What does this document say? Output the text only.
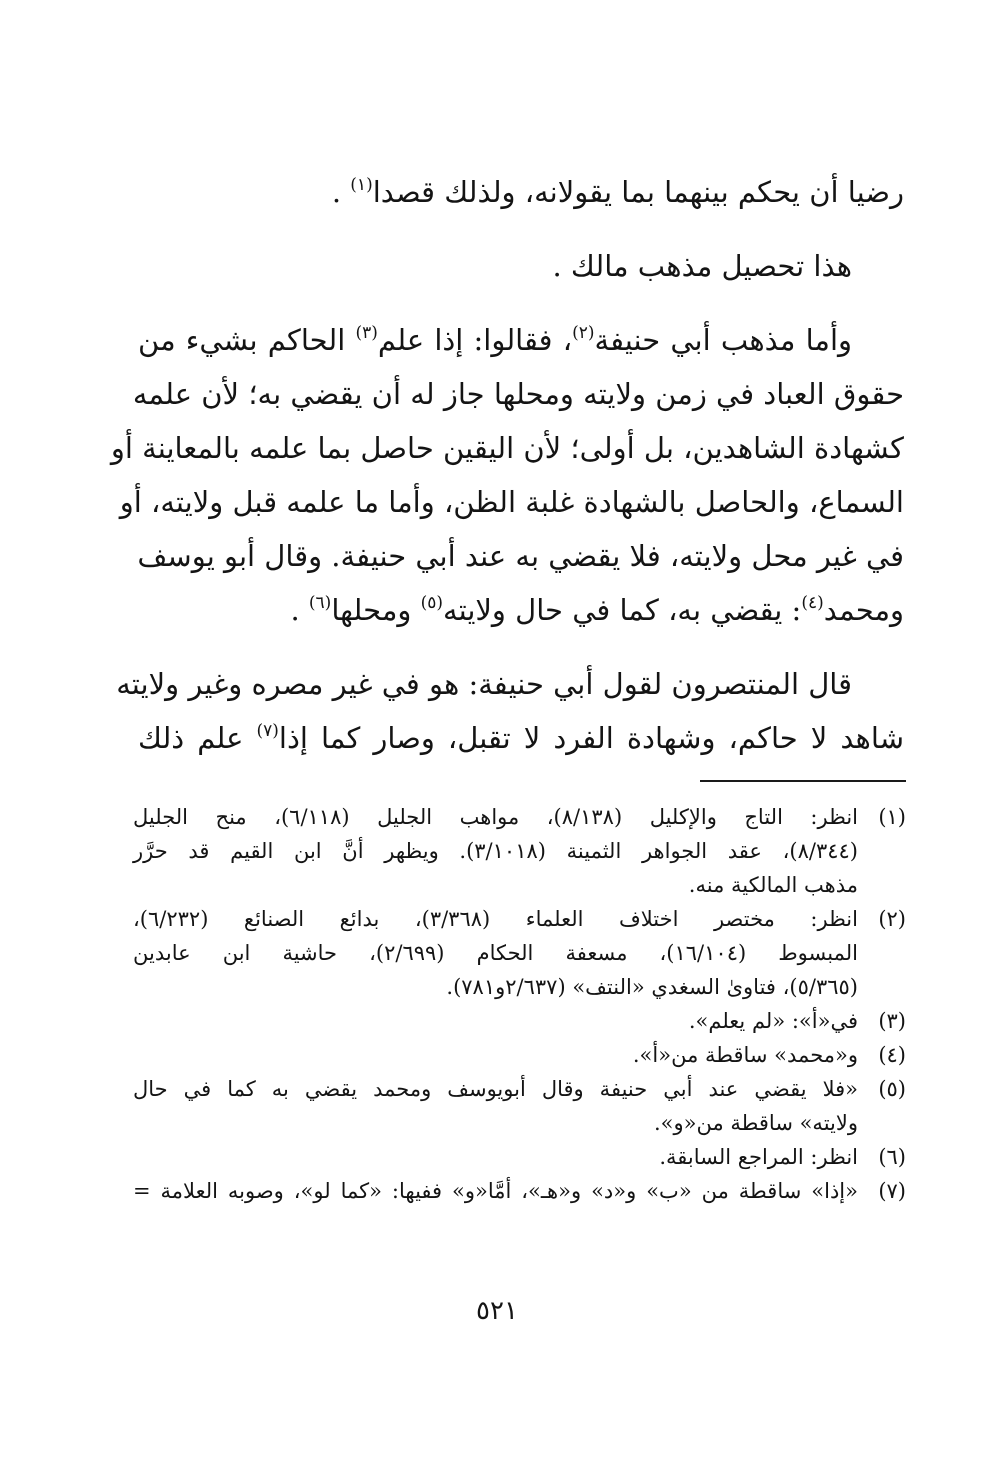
رضيا أن يحكم بينهما بما يقولانه، ولذلك قصدا$^{(١)}$ .
هذا تحصيل مذهب مالك .
وأما مذهب أبي حنيفة$^{(٢)}$، فقالوا: إذا علم$^{(٣)}$ الحاكم بشيء من
حقوق العباد في زمن ولايته ومحلها جاز له أن يقضي به؛ لأن علمه
كشهادة الشاهدين، بل أولى؛ لأن اليقين حاصل بما علمه بالمعاينة أو
السماع، والحاصل بالشهادة غلبة الظن، وأما ما علمه قبل ولايته، أو
في غير محل ولايته، فلا يقضي به عند أبي حنيفة. وقال أبو يوسف
ومحمد$^{(٤)}$: يقضي به، كما في حال ولايته$^{(٥)}$ ومحلها$^{(٦)}$ .
قال المنتصرون لقول أبي حنيفة: هو في غير مصره وغير ولايته
شاهد لا حاكم، وشهادة الفرد لا تقبل، وصار كما إذا$^{(٧)}$ علم ذلك
(١)
انظر: التاج والإكليل (٨/١٣٨)، مواهب الجليل (٦/١١٨)، منح الجليل
(٨/٣٤٤)، عقد الجواهر الثمينة (٣/١٠١٨). ويظهر أنَّ ابن القيم قد حرَّر
مذهب المالكية منه.
(٢)
انظر: مختصر اختلاف العلماء (٣/٣٦٨)، بدائع الصنائع (٦/٢٣٢)،
المبسوط (١٦/١٠٤)، مسعفة الحكام (٢/٦٩٩)، حاشية ابن عابدين
(٥/٣٦٥)، فتاوىٰ السغدي «النتف» (٢/٦٣٧و٧٨١).
(٣)
في«أ»: «لم يعلم».
(٤)
و«محمد» ساقطة من«أ».
(٥)
«فلا يقضي عند أبي حنيفة وقال أبويوسف ومحمد يقضي به كما في حال
ولايته» ساقطة من«و».
(٦)
انظر: المراجع السابقة.
(٧)
«إذا» ساقطة من «ب» و«د» و«هـ»، أمَّا«و» ففيها: «كما لو»، وصوبه العلامة =
٥٢١
